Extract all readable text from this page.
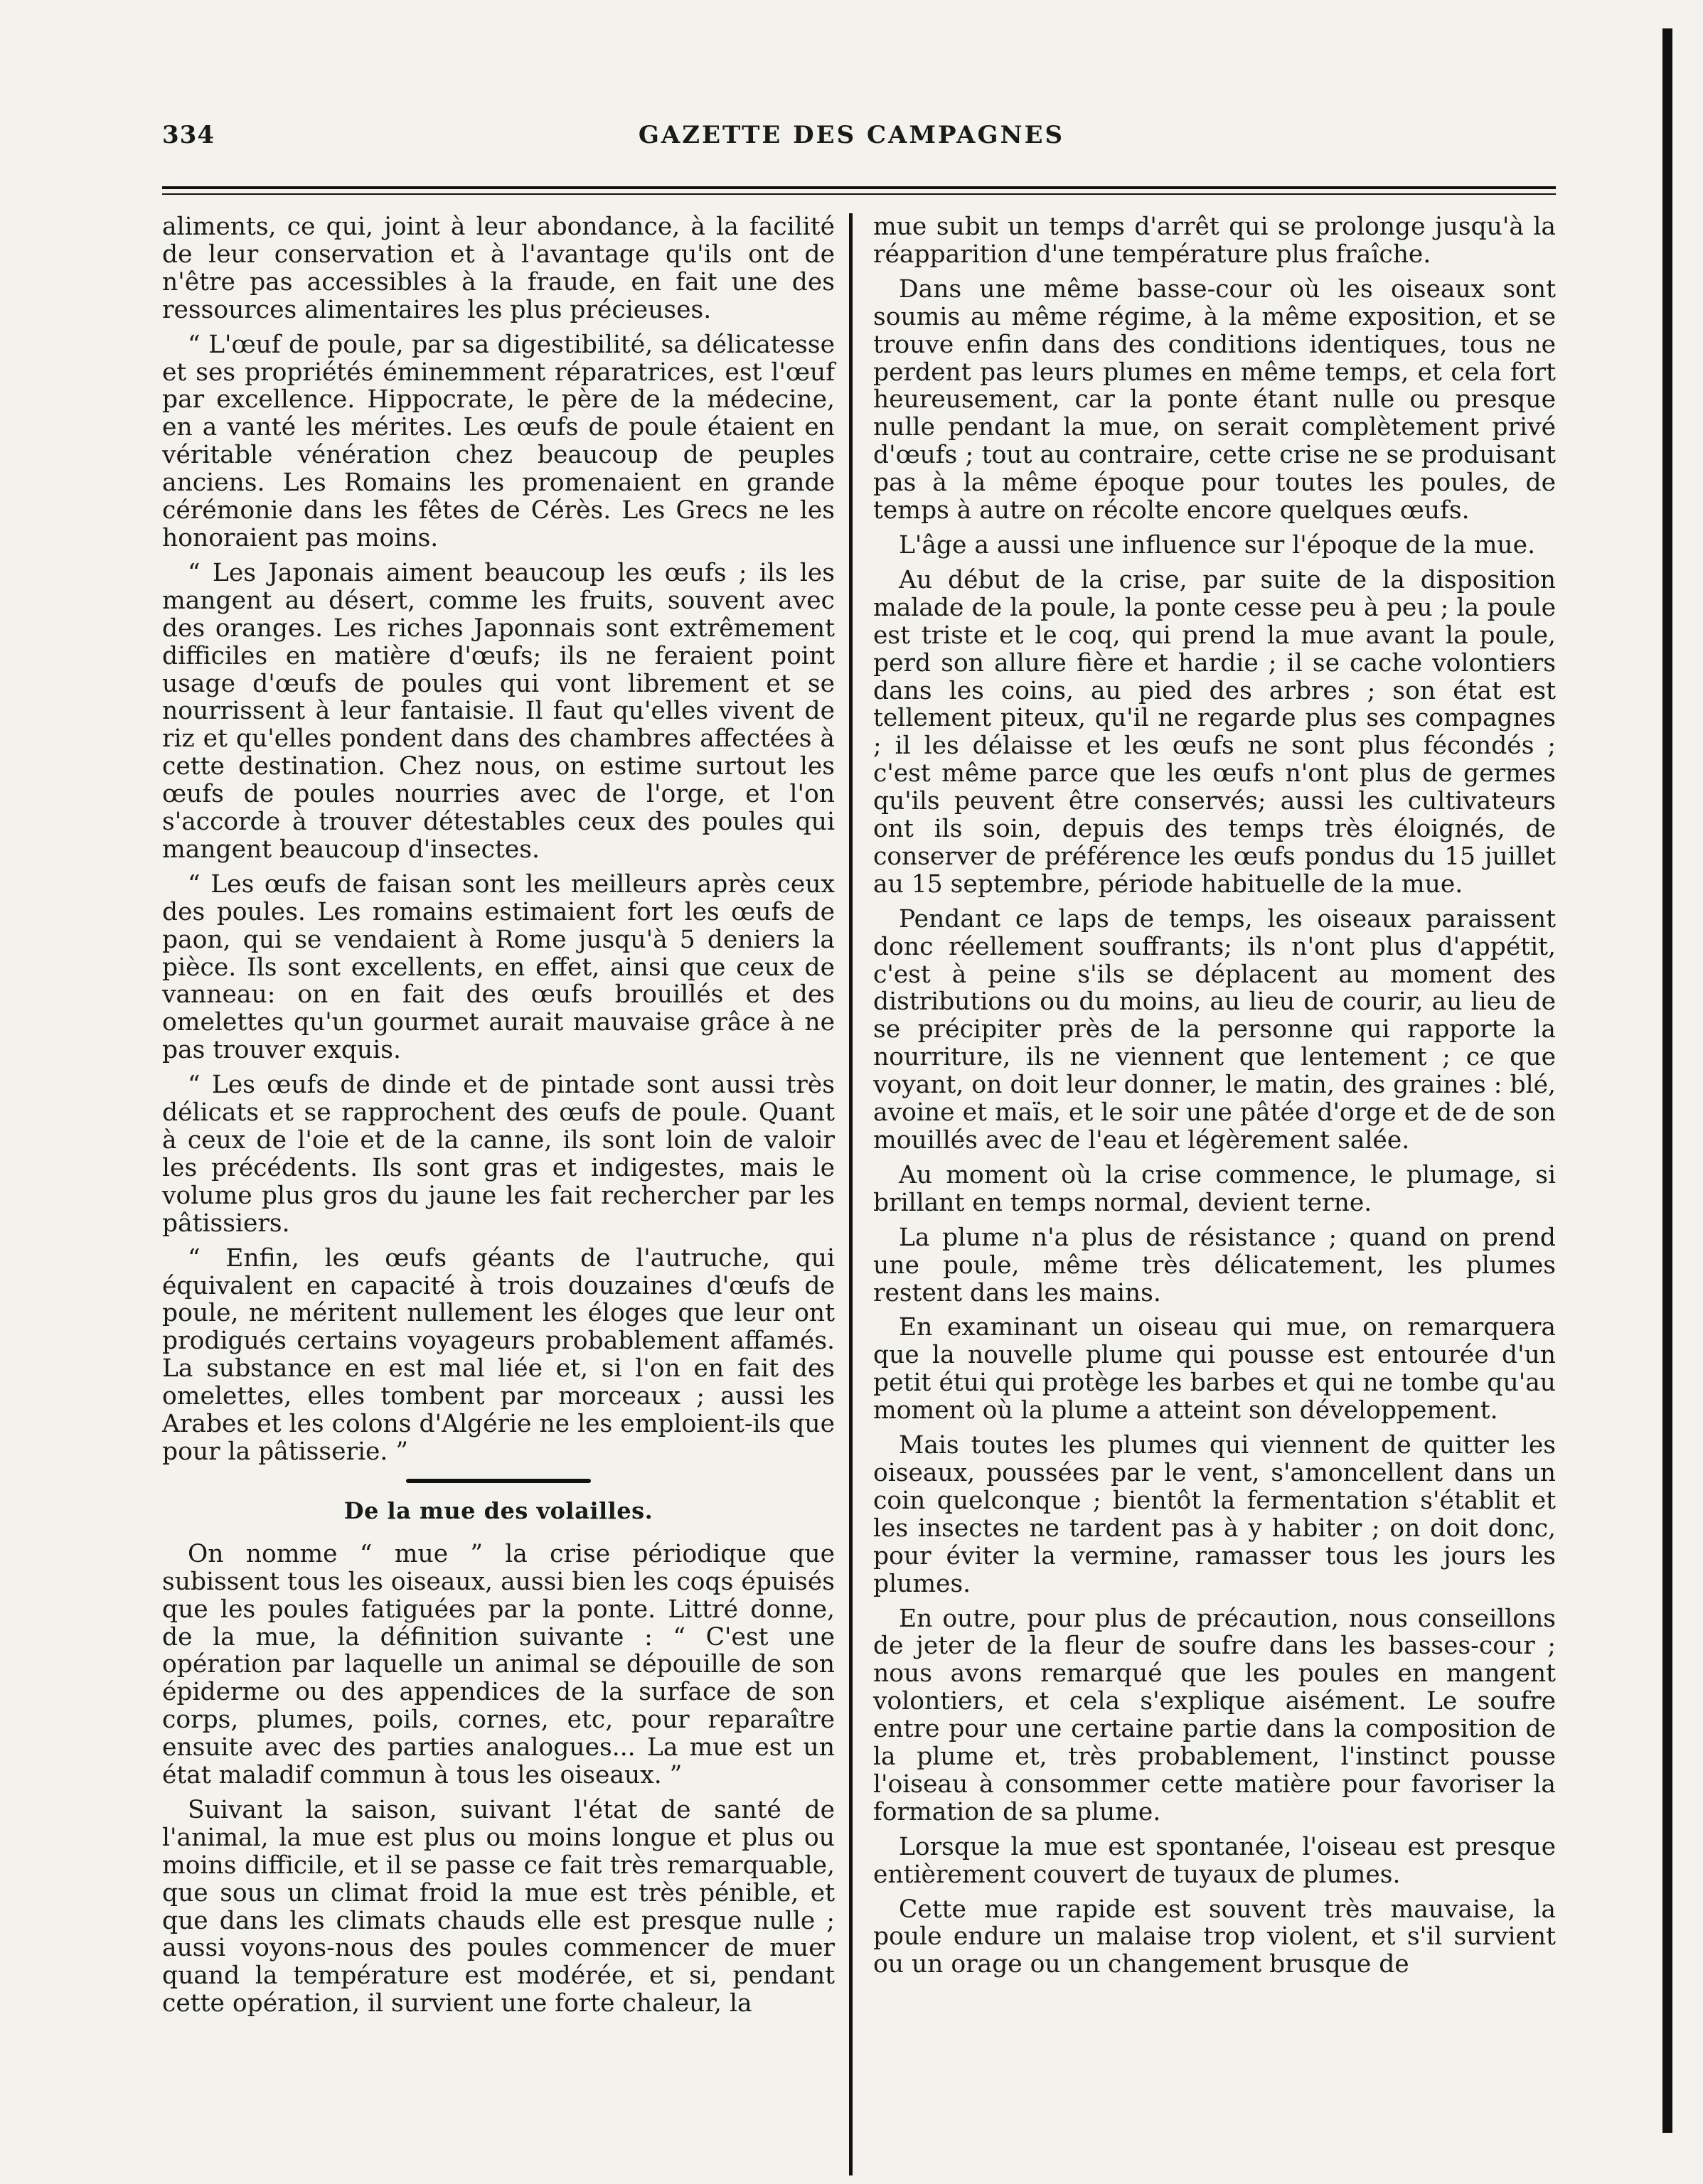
334	GAZETTE DES CAMPAGNES

aliments, ce qui, joint à leur abondance, à la facilité de leur conservation et à l'avantage qu'ils ont de n'être pas accessibles à la fraude, en fait une des ressources alimentaires les plus précieuses.

“ L'œuf de poule, par sa digestibilité, sa délicatesse et ses propriétés éminemment réparatrices, est l'œuf par excellence. Hippocrate, le père de la médecine, en a vanté les mérites. Les œufs de poule étaient en véritable vénération chez beaucoup de peuples anciens. Les Romains les promenaient en grande cérémonie dans les fêtes de Cérès. Les Grecs ne les honoraient pas moins.

“ Les Japonais aiment beaucoup les œufs ; ils les mangent au désert, comme les fruits, souvent avec des oranges. Les riches Japonnais sont extrêmement difficiles en matière d'œufs; ils ne feraient point usage d'œufs de poules qui vont librement et se nourrissent à leur fantaisie. Il faut qu'elles vivent de riz et qu'elles pondent dans des chambres affectées à cette destination. Chez nous, on estime surtout les œufs de poules nourries avec de l'orge, et l'on s'accorde à trouver détestables ceux des poules qui mangent beaucoup d'insectes.

“ Les œufs de faisan sont les meilleurs après ceux des poules. Les romains estimaient fort les œufs de paon, qui se vendaient à Rome jusqu'à 5 deniers la pièce. Ils sont excellents, en effet, ainsi que ceux de vanneau: on en fait des œufs brouillés et des omelettes qu'un gourmet aurait mauvaise grâce à ne pas trouver exquis.

“ Les œufs de dinde et de pintade sont aussi très délicats et se rapprochent des œufs de poule. Quant à ceux de l'oie et de la canne, ils sont loin de valoir les précédents. Ils sont gras et indigestes, mais le volume plus gros du jaune les fait rechercher par les pâtissiers.

“ Enfin, les œufs géants de l'autruche, qui équivalent en capacité à trois douzaines d'œufs de poule, ne méritent nullement les éloges que leur ont prodigués certains voyageurs probablement affamés. La substance en est mal liée et, si l'on en fait des omelettes, elles tombent par morceaux ; aussi les Arabes et les colons d'Algérie ne les emploient-ils que pour la pâtisserie. ”

De la mue des volailles.

On nomme “ mue ” la crise périodique que subissent tous les oiseaux, aussi bien les coqs épuisés que les poules fatiguées par la ponte. Littré donne, de la mue, la définition suivante : “ C'est une opération par laquelle un animal se dépouille de son épiderme ou des appendices de la surface de son corps, plumes, poils, cornes, etc, pour reparaître ensuite avec des parties analogues... La mue est un état maladif commun à tous les oiseaux. ”

Suivant la saison, suivant l'état de santé de l'animal, la mue est plus ou moins longue et plus ou moins difficile, et il se passe ce fait très remarquable, que sous un climat froid la mue est très pénible, et que dans les climats chauds elle est presque nulle ; aussi voyons-nous des poules commencer de muer quand la température est modérée, et si, pendant cette opération, il survient une forte chaleur, la

mue subit un temps d'arrêt qui se prolonge jusqu'à la réapparition d'une température plus fraîche.

Dans une même basse-cour où les oiseaux sont soumis au même régime, à la même exposition, et se trouve enfin dans des conditions identiques, tous ne perdent pas leurs plumes en même temps, et cela fort heureusement, car la ponte étant nulle ou presque nulle pendant la mue, on serait complètement privé d'œufs ; tout au contraire, cette crise ne se produisant pas à la même époque pour toutes les poules, de temps à autre on récolte encore quelques œufs.

L'âge a aussi une influence sur l'époque de la mue.

Au début de la crise, par suite de la disposition malade de la poule, la ponte cesse peu à peu ; la poule est triste et le coq, qui prend la mue avant la poule, perd son allure fière et hardie ; il se cache volontiers dans les coins, au pied des arbres ; son état est tellement piteux, qu'il ne regarde plus ses compagnes ; il les délaisse et les œufs ne sont plus fécondés ; c'est même parce que les œufs n'ont plus de germes qu'ils peuvent être conservés; aussi les cultivateurs ont ils soin, depuis des temps très éloignés, de conserver de préférence les œufs pondus du 15 juillet au 15 septembre, période habituelle de la mue.

Pendant ce laps de temps, les oiseaux paraissent donc réellement souffrants; ils n'ont plus d'appétit, c'est à peine s'ils se déplacent au moment des distributions ou du moins, au lieu de courir, au lieu de se précipiter près de la personne qui rapporte la nourriture, ils ne viennent que lentement ; ce que voyant, on doit leur donner, le matin, des graines : blé, avoine et maïs, et le soir une pâtée d'orge et de de son mouillés avec de l'eau et légèrement salée.

Au moment où la crise commence, le plumage, si brillant en temps normal, devient terne.

La plume n'a plus de résistance ; quand on prend une poule, même très délicatement, les plumes restent dans les mains.

En examinant un oiseau qui mue, on remarquera que la nouvelle plume qui pousse est entourée d'un petit étui qui protège les barbes et qui ne tombe qu'au moment où la plume a atteint son développement.

Mais toutes les plumes qui viennent de quitter les oiseaux, poussées par le vent, s'amoncellent dans un coin quelconque ; bientôt la fermentation s'établit et les insectes ne tardent pas à y habiter ; on doit donc, pour éviter la vermine, ramasser tous les jours les plumes.

En outre, pour plus de précaution, nous conseillons de jeter de la fleur de soufre dans les basses-cour ; nous avons remarqué que les poules en mangent volontiers, et cela s'explique aisément. Le soufre entre pour une certaine partie dans la composition de la plume et, très probablement, l'instinct pousse l'oiseau à consommer cette matière pour favoriser la formation de sa plume.

Lorsque la mue est spontanée, l'oiseau est presque entièrement couvert de tuyaux de plumes.

Cette mue rapide est souvent très mauvaise, la poule endure un malaise trop violent, et s'il survient ou un orage ou un changement brusque de
